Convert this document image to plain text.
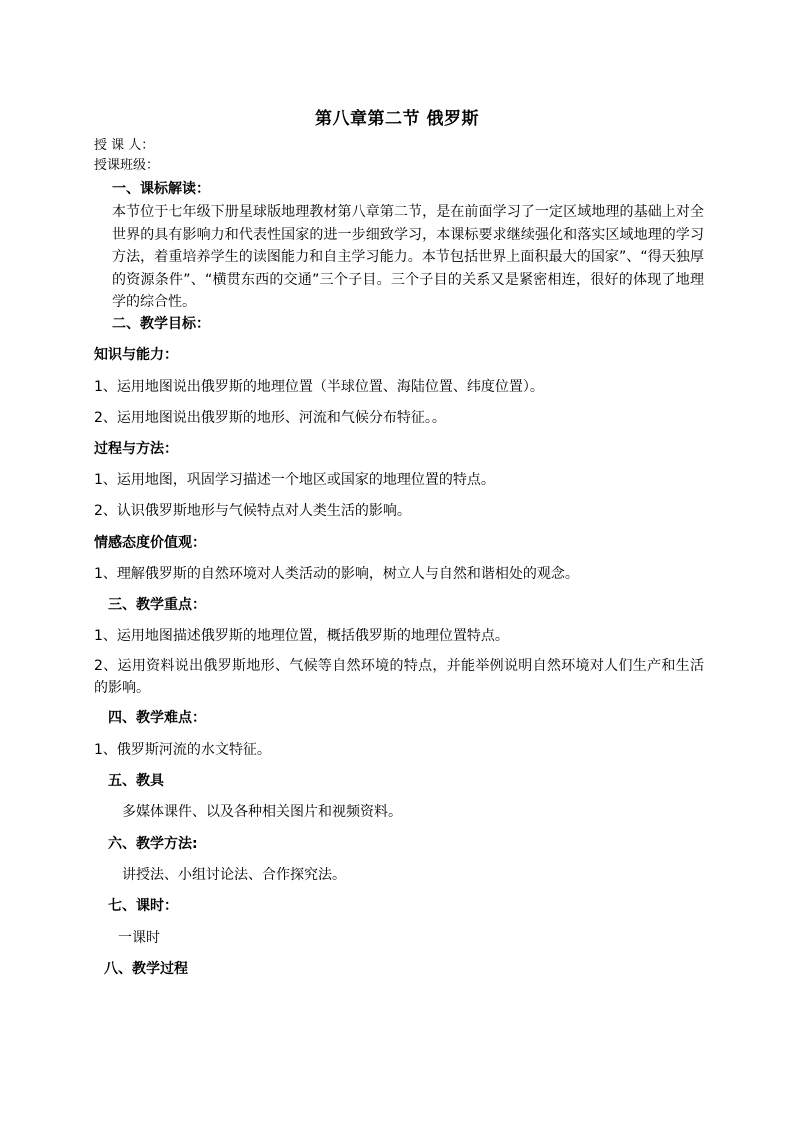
第八章第二节 俄罗斯
授 课 人：
授课班级：
一、课标解读：
本节位于七年级下册星球版地理教材第八章第二节，是在前面学习了一定区域地理的基础上对全世界的具有影响力和代表性国家的进一步细致学习，本课标要求继续强化和落实区域地理的学习方法，着重培养学生的读图能力和自主学习能力。本节包括世界上面积最大的国家”、“得天独厚的资源条件”、“横贯东西的交通”三个子目。三个子目的关系又是紧密相连，很好的体现了地理学的综合性。
二、教学目标：
知识与能力：
1、运用地图说出俄罗斯的地理位置（半球位置、海陆位置、纬度位置）。
2、运用地图说出俄罗斯的地形、河流和气候分布特征。。
过程与方法：
1、运用地图，巩固学习描述一个地区或国家的地理位置的特点。
2、认识俄罗斯地形与气候特点对人类生活的影响。
情感态度价值观：
1、理解俄罗斯的自然环境对人类活动的影响，树立人与自然和谐相处的观念。
三、教学重点：
1、运用地图描述俄罗斯的地理位置，概括俄罗斯的地理位置特点。
2、运用资料说出俄罗斯地形、气候等自然环境的特点，并能举例说明自然环境对人们生产和生活的影响。
四、教学难点：
1、俄罗斯河流的水文特征。
五、教具
多媒体课件、以及各种相关图片和视频资料。
六、教学方法:
讲授法、小组讨论法、合作探究法。
七、课时：
一课时
八、教学过程
